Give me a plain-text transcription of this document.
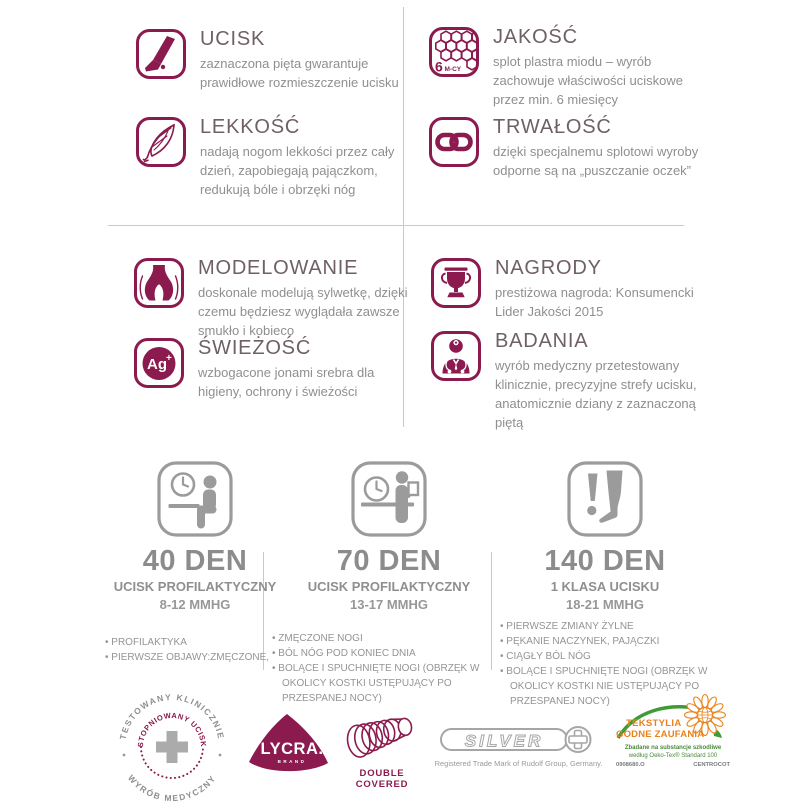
UCISK

zaznaczona pięta gwarantuje prawidłowe rozmieszczenie ucisku

LEKKOŚĆ

nadają nogom lekkości przez cały dzień, zapobiegają pajączkom, redukują bóle i obrzęki nóg

6 M-CY
JAKOŚĆ

splot plastra miodu – wyrób zachowuje właściwości uciskowe przez min. 6 miesięcy

TRWAŁOŚĆ

dzięki specjalnemu splotowi wyroby odporne są na „puszczanie oczek”

MODELOWANIE

doskonale modelują sylwetkę, dzięki czemu będziesz wyglądała zawsze smukło i kobieco

Ag + ŚWIEŻOŚĆ

wzbogacone jonami srebra dla higieny, ochrony i świeżości

NAGRODY

prestiżowa nagroda: Konsumencki Lider Jakości 2015

BADANIA

wyrób medyczny przetestowany klinicznie, precyzyjne strefy ucisku, anatomicznie dziany z zaznaczoną piętą

40 DEN
UCISK PROFILAKTYCZNY
8-12 MMHG
• PROFILAKTYKA
• PIERWSZE OBJAWY:ZMĘCZONE,
70 DEN
UCISK PROFILAKTYCZNY
13-17 MMHG
• ZMĘCZONE NOGI
• BÓL NÓG POD KONIEC DNIA
• BOLĄCE I SPUCHNIĘTE NOGI (OBRZĘK W OKOLICY KOSTKI USTĘPUJĄCY PO PRZESPANEJ NOCY)
140 DEN
1 KLASA UCISKU
18-21 MMHG
• PIERWSZE ZMIANY ŻYLNE
• PĘKANIE NACZYNEK, PAJĄCZKI
• CIĄGŁY BÓL NÓG
• BOLĄCE I SPUCHNIĘTE NOGI (OBRZĘK W OKOLICY KOSTKI NIE USTĘPUJĄCY PO PRZESPANEJ NOCY)
TESTOWANY KLINICZNIE
WYRÓB MEDYCZNY
STOPNIOWANY UCISK	LYCRA.
BRAND
DOUBLE COVERED
SILVER
Registered Trade Mark of Rudolf Group, Germany.
TEKSTYLIA
GODNE ZAUFANIA
Zbadane na substancje szkodliwe
według Oeko-Tex® Standard 100
0908680.O	CENTROCOT
